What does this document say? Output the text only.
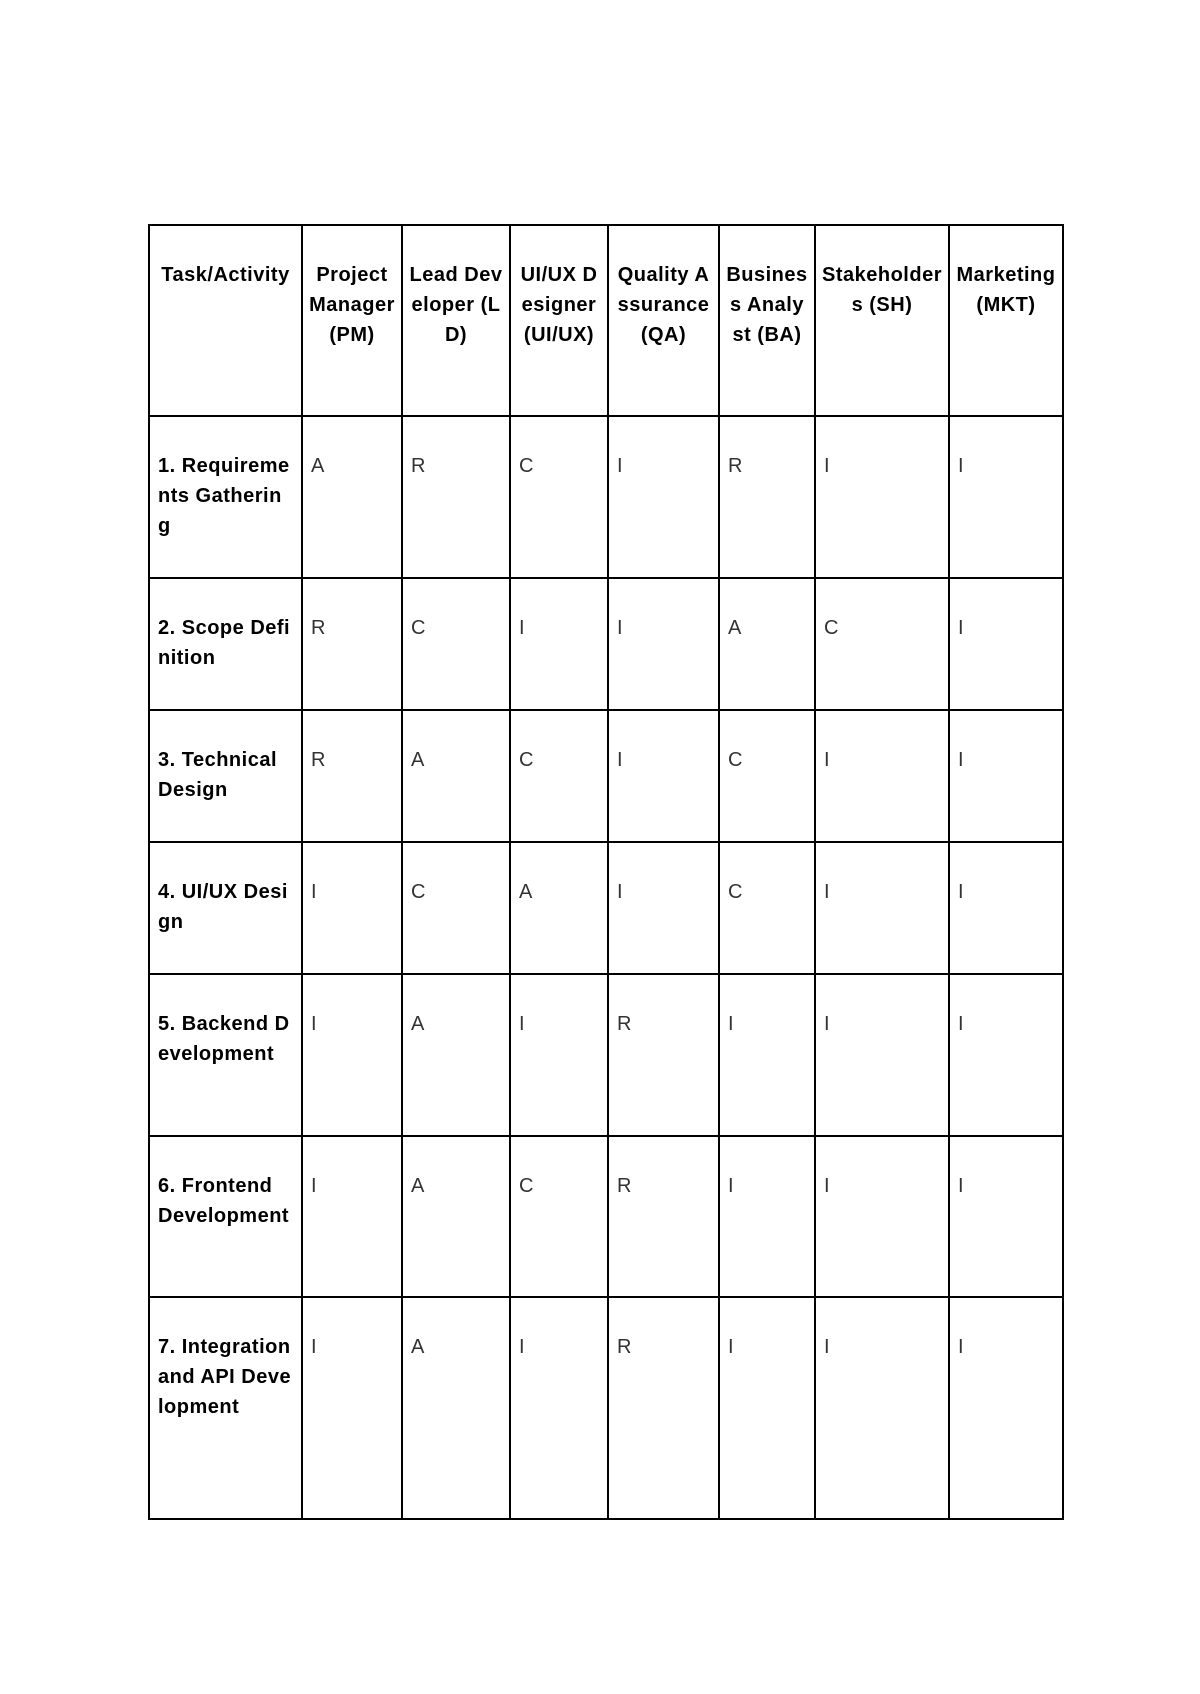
Task/Activity	Project Manager (PM)	Lead Developer (LD)	UI/UX Designer (UI/UX)	Quality Assurance (QA)	Business Analyst (BA)	Stakeholders (SH)	Marketing (MKT)
1. Requirements Gathering	A	R	C	I	R	I	I
2. Scope Definition	R	C	I	I	A	C	I
3. Technical Design	R	A	C	I	C	I	I
4. UI/UX Design	I	C	A	I	C	I	I
5. Backend Development	I	A	I	R	I	I	I
6. Frontend Development	I	A	C	R	I	I	I
7. Integration and API Development	I	A	I	R	I	I	I
